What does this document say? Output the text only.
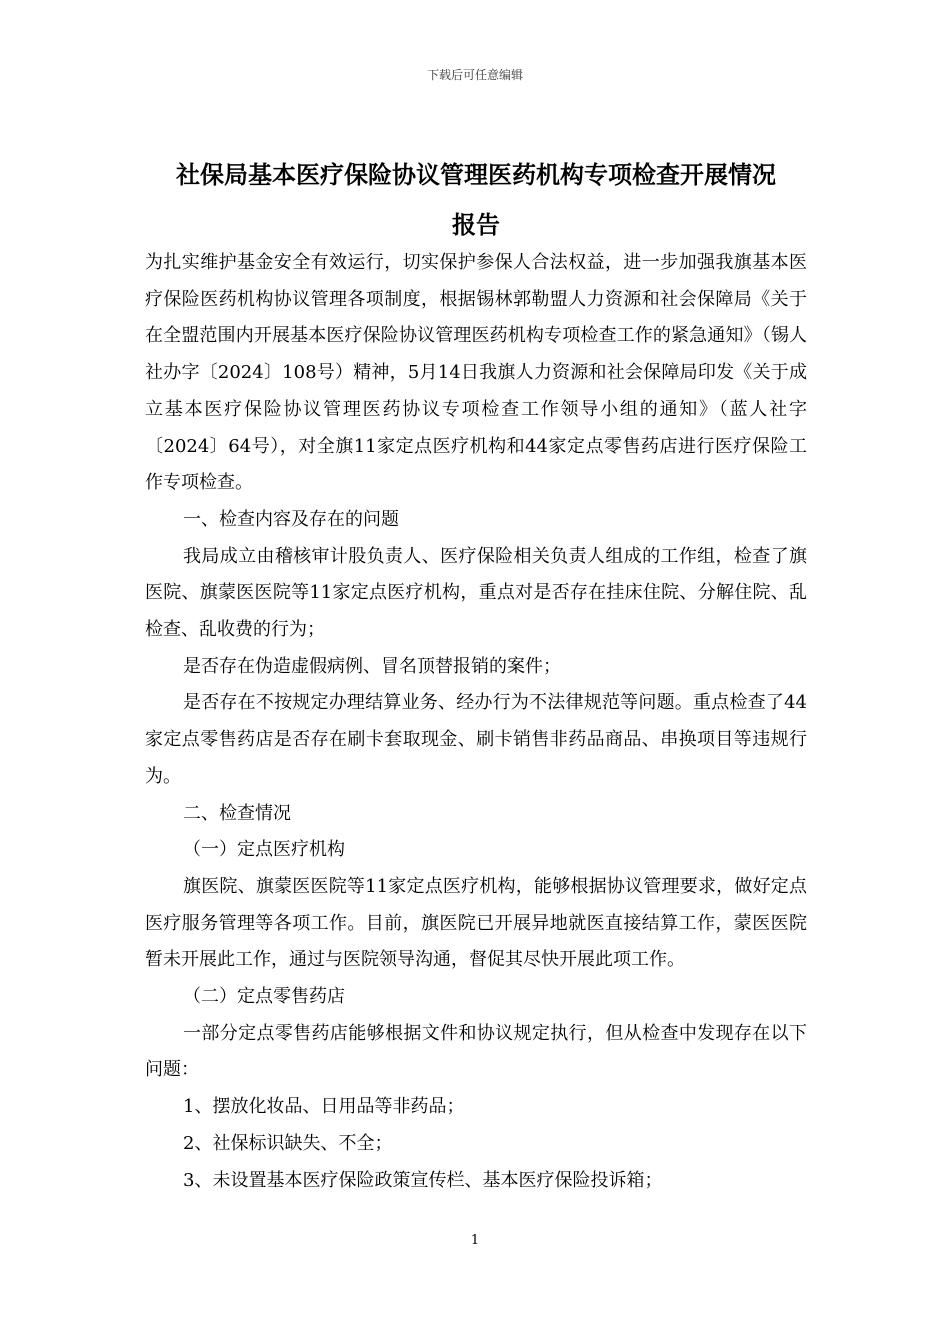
下载后可任意编辑
社保局基本医疗保险协议管理医药机构专项检查开展情况
报告

为扎实维护基金安全有效运行，切实保护参保人合法权益，进一步加强我旗基本医疗保险医药机构协议管理各项制度，根据锡林郭勒盟人力资源和社会保障局《关于在全盟范围内开展基本医疗保险协议管理医药机构专项检查工作的紧急通知》（锡人社办字〔2024〕108号）精神，5月14日我旗人力资源和社会保障局印发《关于成立基本医疗保险协议管理医药协议专项检查工作领导小组的通知》（蓝人社字〔2024〕64号），对全旗11家定点医疗机构和44家定点零售药店进行医疗保险工作专项检查。

一、检查内容及存在的问题

我局成立由稽核审计股负责人、医疗保险相关负责人组成的工作组，检查了旗医院、旗蒙医医院等11家定点医疗机构，重点对是否存在挂床住院、分解住院、乱检查、乱收费的行为；

是否存在伪造虚假病例、冒名顶替报销的案件；

是否存在不按规定办理结算业务、经办行为不法律规范等问题。重点检查了44家定点零售药店是否存在刷卡套取现金、刷卡销售非药品商品、串换项目等违规行为。

二、检查情况

（一）定点医疗机构

旗医院、旗蒙医医院等11家定点医疗机构，能够根据协议管理要求，做好定点医疗服务管理等各项工作。目前，旗医院已开展异地就医直接结算工作，蒙医医院暂未开展此工作，通过与医院领导沟通，督促其尽快开展此项工作。

（二）定点零售药店

一部分定点零售药店能够根据文件和协议规定执行，但从检查中发现存在以下问题：

1、摆放化妆品、日用品等非药品；

2、社保标识缺失、不全；

3、未设置基本医疗保险政策宣传栏、基本医疗保险投诉箱；

1
